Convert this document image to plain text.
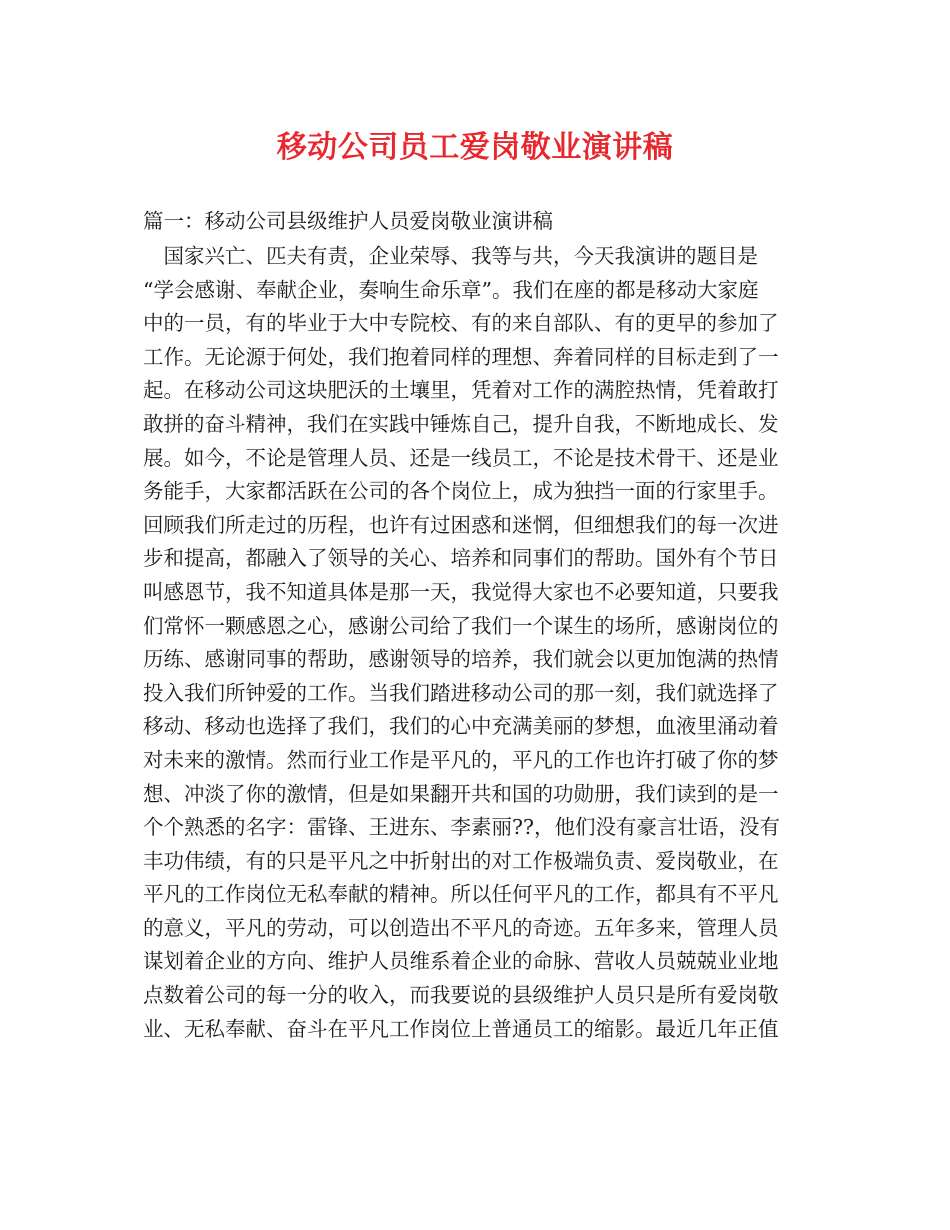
移动公司员工爱岗敬业演讲稿
篇一：移动公司县级维护人员爱岗敬业演讲稿
　国家兴亡、匹夫有责，企业荣辱、我等与共，今天我演讲的题目是
“学会感谢、奉献企业，奏响生命乐章”。我们在座的都是移动大家庭
中的一员，有的毕业于大中专院校、有的来自部队、有的更早的参加了
工作。无论源于何处，我们抱着同样的理想、奔着同样的目标走到了一
起。在移动公司这块肥沃的土壤里，凭着对工作的满腔热情，凭着敢打
敢拼的奋斗精神，我们在实践中锤炼自己，提升自我，不断地成长、发
展。如今，不论是管理人员、还是一线员工，不论是技术骨干、还是业
务能手，大家都活跃在公司的各个岗位上，成为独挡一面的行家里手。
回顾我们所走过的历程，也许有过困惑和迷惘，但细想我们的每一次进
步和提高，都融入了领导的关心、培养和同事们的帮助。国外有个节日
叫感恩节，我不知道具体是那一天，我觉得大家也不必要知道，只要我
们常怀一颗感恩之心，感谢公司给了我们一个谋生的场所，感谢岗位的
历练、感谢同事的帮助，感谢领导的培养，我们就会以更加饱满的热情
投入我们所钟爱的工作。当我们踏进移动公司的那一刻，我们就选择了
移动、移动也选择了我们，我们的心中充满美丽的梦想，血液里涌动着
对未来的激情。然而行业工作是平凡的，平凡的工作也许打破了你的梦
想、冲淡了你的激情，但是如果翻开共和国的功勋册，我们读到的是一
个个熟悉的名字：雷锋、王进东、李素丽??，他们没有豪言壮语，没有
丰功伟绩，有的只是平凡之中折射出的对工作极端负责、爱岗敬业，在
平凡的工作岗位无私奉献的精神。所以任何平凡的工作，都具有不平凡
的意义，平凡的劳动，可以创造出不平凡的奇迹。五年多来，管理人员
谋划着企业的方向、维护人员维系着企业的命脉、营收人员兢兢业业地
点数着公司的每一分的收入，而我要说的县级维护人员只是所有爱岗敬
业、无私奉献、奋斗在平凡工作岗位上普通员工的缩影。最近几年正值
